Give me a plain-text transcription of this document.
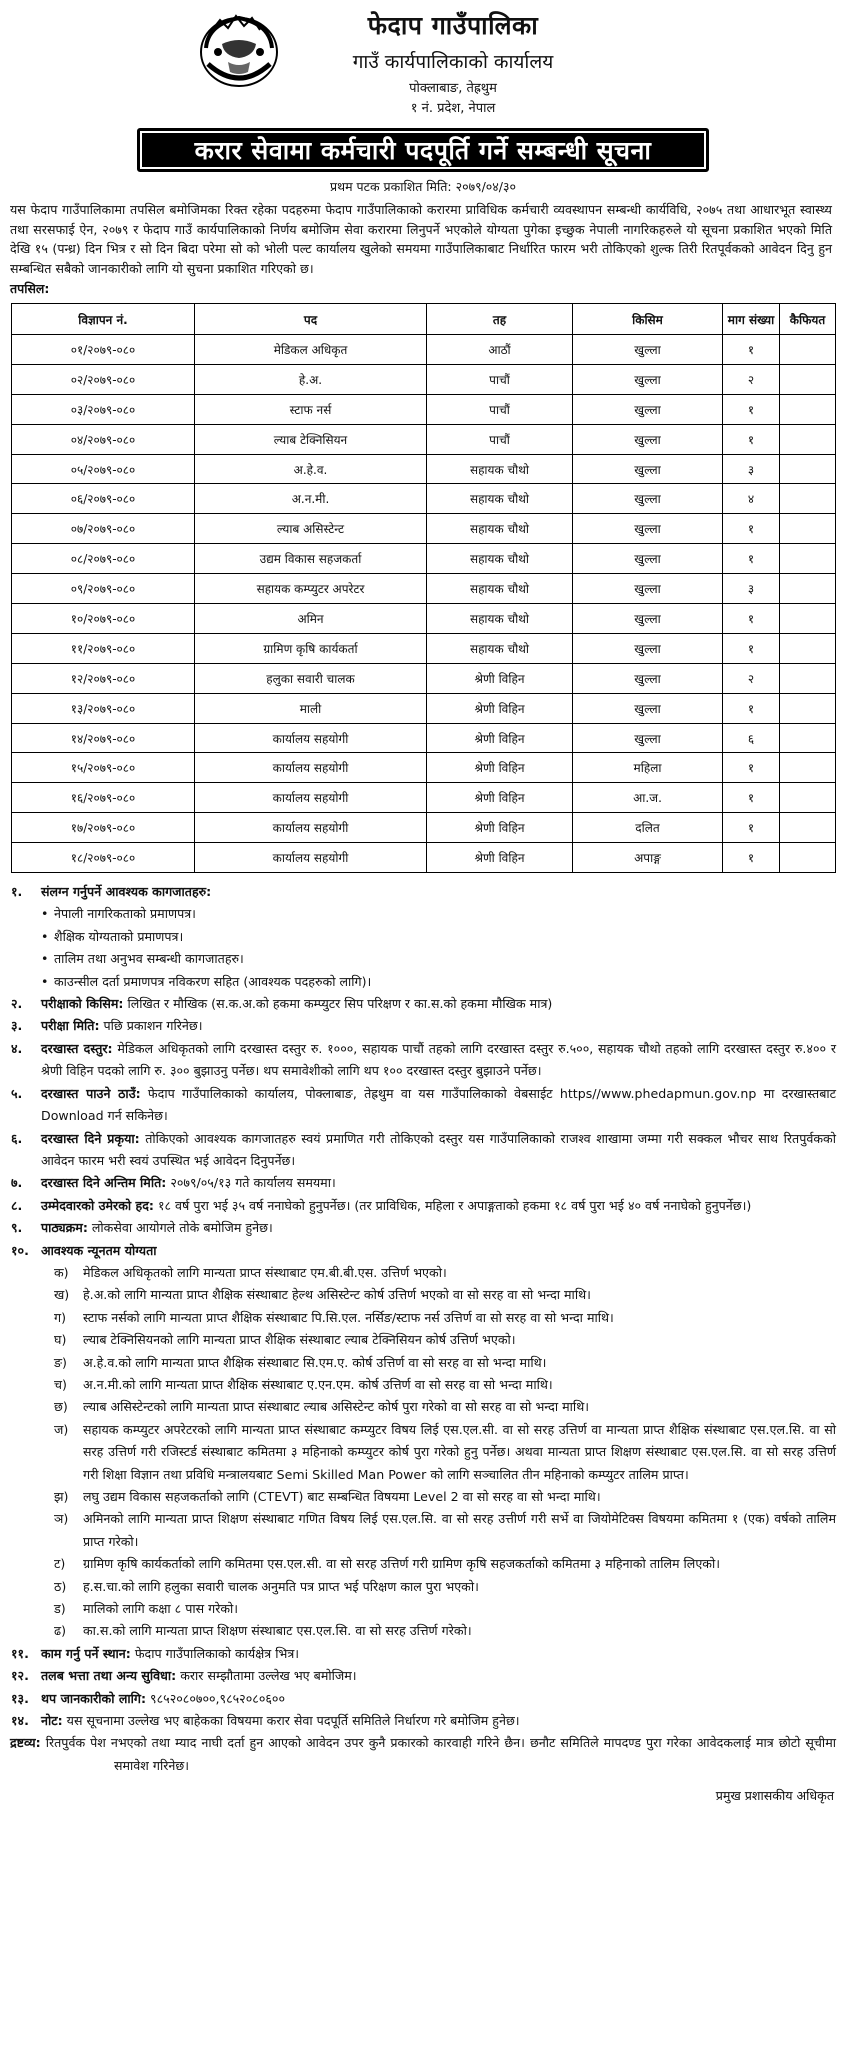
फेदाप गाउँपालिका
गाउँ कार्यपालिकाको कार्यालय
पोक्लाबाङ, तेह्रथुम
१ नं. प्रदेश, नेपाल
करार सेवामा कर्मचारी पदपूर्ति गर्ने सम्बन्धी सूचना
प्रथम पटक प्रकाशित मिति: २०७९/०४/३०

यस फेदाप गाउँपालिकामा तपसिल बमोजिमका रिक्त रहेका पदहरुमा फेदाप गाउँपालिकाको करारमा प्राविधिक कर्मचारी व्यवस्थापन सम्बन्धी कार्यविधि, २०७५ तथा आधारभूत स्वास्थ्य तथा सरसफाई ऐन, २०७९ र फेदाप गाउँ कार्यपालिकाको निर्णय बमोजिम सेवा करारमा लिनुपर्ने भएकोले योग्यता पुगेका इच्छुक नेपाली नागरिकहरुले यो सूचना प्रकाशित भएको मिति देखि १५ (पन्ध्र) दिन भित्र र सो दिन बिदा परेमा सो को भोली पल्ट कार्यालय खुलेको समयमा गाउँपालिकाबाट निर्धारित फारम भरी तोकिएको शुल्क तिरी रितपूर्वकको आवेदन दिनु हुन सम्बन्धित सबैको जानकारीको लागि यो सुचना प्रकाशित गरिएको छ।

तपसिल:
विज्ञापन नं.	पद	तह	किसिम	माग संख्या	कैफियत
०१/२०७९-०८०	मेडिकल अधिकृत	आठौं	खुल्ला	१	
०२/२०७९-०८०	हे.अ.	पाचौं	खुल्ला	२	
०३/२०७९-०८०	स्टाफ नर्स	पाचौं	खुल्ला	१	
०४/२०७९-०८०	ल्याब टेक्निसियन	पाचौं	खुल्ला	१	
०५/२०७९-०८०	अ.हे.व.	सहायक चौथो	खुल्ला	३	
०६/२०७९-०८०	अ.न.मी.	सहायक चौथो	खुल्ला	४	
०७/२०७९-०८०	ल्याब असिस्टेन्ट	सहायक चौथो	खुल्ला	१	
०८/२०७९-०८०	उद्यम विकास सहजकर्ता	सहायक चौथो	खुल्ला	१	
०९/२०७९-०८०	सहायक कम्प्युटर अपरेटर	सहायक चौथो	खुल्ला	३	
१०/२०७९-०८०	अमिन	सहायक चौथो	खुल्ला	१	
११/२०७९-०८०	ग्रामिण कृषि कार्यकर्ता	सहायक चौथो	खुल्ला	१	
१२/२०७९-०८०	हलुका सवारी चालक	श्रेणी विहिन	खुल्ला	२	
१३/२०७९-०८०	माली	श्रेणी विहिन	खुल्ला	१	
१४/२०७९-०८०	कार्यालय सहयोगी	श्रेणी विहिन	खुल्ला	६	
१५/२०७९-०८०	कार्यालय सहयोगी	श्रेणी विहिन	महिला	१	
१६/२०७९-०८०	कार्यालय सहयोगी	श्रेणी विहिन	आ.ज.	१	
१७/२०७९-०८०	कार्यालय सहयोगी	श्रेणी विहिन	दलित	१	
१८/२०७९-०८०	कार्यालय सहयोगी	श्रेणी विहिन	अपाङ्ग	१	
१. संलग्न गर्नुपर्ने आवश्यक कागजातहरु:
• नेपाली नागरिकताको प्रमाणपत्र।
• शैक्षिक योग्यताको प्रमाणपत्र।
• तालिम तथा अनुभव सम्बन्धी कागजातहरु।
• काउन्सील दर्ता प्रमाणपत्र नविकरण सहित (आवश्यक पदहरुको लागि)।
२. परीक्षाको किसिम: लिखित र मौखिक (स.क.अ.को हकमा कम्प्युटर सिप परिक्षण र का.स.को हकमा मौखिक मात्र)
३. परीक्षा मिति: पछि प्रकाशन गरिनेछ।
४. दरखास्त दस्तुर: मेडिकल अधिकृतको लागि दरखास्त दस्तुर रु. १०००, सहायक पाचौं तहको लागि दरखास्त दस्तुर रु.५००, सहायक चौथो तहको लागि दरखास्त दस्तुर रु.४०० र श्रेणी विहिन पदको लागि रु. ३०० बुझाउनु पर्नेछ। थप समावेशीको लागि थप १०० दरखास्त दस्तुर बुझाउने पर्नेछ।
५. दरखास्त पाउने ठाउँ: फेदाप गाउँपालिकाको कार्यालय, पोक्लाबाङ, तेह्रथुम वा यस गाउँपालिकाको वेबसाईट https//www.phedapmun.gov.np मा दरखास्तबाट Download गर्न सकिनेछ।
६. दरखास्त दिने प्रकृया: तोकिएको आवश्यक कागजातहरु स्वयं प्रमाणित गरी तोकिएको दस्तुर यस गाउँपालिकाको राजश्व शाखामा जम्मा गरी सक्कल भौचर साथ रितपुर्वकको आवेदन फारम भरी स्वयं उपस्थित भई आवेदन दिनुपर्नेछ।
७. दरखास्त दिने अन्तिम मिति: २०७९/०५/१३ गते कार्यालय समयमा।
८. उम्मेदवारको उमेरको हद: १८ वर्ष पुरा भई ३५ वर्ष ननाघेको हुनुपर्नेछ। (तर प्राविधिक, महिला र अपाङ्गताको हकमा १८ वर्ष पुरा भई ४० वर्ष ननाघेको हुनुपर्नेछ।)
९. पाठ्यक्रम: लोकसेवा आयोगले तोके बमोजिम हुनेछ।
१०. आवश्यक न्यूनतम योग्यता
क) मेडिकल अधिकृतको लागि मान्यता प्राप्त संस्थाबाट एम.बी.बी.एस. उत्तिर्ण भएको।
ख) हे.अ.को लागि मान्यता प्राप्त शैक्षिक संस्थाबाट हेल्थ असिस्टेन्ट कोर्ष उत्तिर्ण भएको वा सो सरह वा सो भन्दा माथि।
ग) स्टाफ नर्सको लागि मान्यता प्राप्त शैक्षिक संस्थाबाट पि.सि.एल. नर्सिङ/स्टाफ नर्स उत्तिर्ण वा सो सरह वा सो भन्दा माथि।
घ) ल्याब टेक्निसियनको लागि मान्यता प्राप्त शैक्षिक संस्थाबाट ल्याब टेक्निसियन कोर्ष उत्तिर्ण भएको।
ङ) अ.हे.व.को लागि मान्यता प्राप्त शैक्षिक संस्थाबाट सि.एम.ए. कोर्ष उत्तिर्ण वा सो सरह वा सो भन्दा माथि।
च) अ.न.मी.को लागि मान्यता प्राप्त शैक्षिक संस्थाबाट ए.एन.एम. कोर्ष उत्तिर्ण वा सो सरह वा सो भन्दा माथि।
छ) ल्याब असिस्टेन्टको लागि मान्यता प्राप्त संस्थाबाट ल्याब असिस्टेन्ट कोर्ष पुरा गरेको वा सो सरह वा सो भन्दा माथि।
ज) सहायक कम्प्युटर अपरेटरको लागि मान्यता प्राप्त संस्थाबाट कम्प्युटर विषय लिई एस.एल.सी. वा सो सरह उत्तिर्ण वा मान्यता प्राप्त शैक्षिक संस्थाबाट एस.एल.सि. वा सो सरह उत्तिर्ण गरी रजिस्टर्ड संस्थाबाट कमितमा ३ महिनाको कम्प्युटर कोर्ष पुरा गरेको हुनु पर्नेछ। अथवा मान्यता प्राप्त शिक्षण संस्थाबाट एस.एल.सि. वा सो सरह उत्तिर्ण गरी शिक्षा विज्ञान तथा प्रविधि मन्त्रालयबाट Semi Skilled Man Power को लागि सञ्चालित तीन महिनाको कम्प्युटर तालिम प्राप्त।
झ) लघु उद्यम विकास सहजकर्ताको लागि (CTEVT) बाट सम्बन्धित विषयमा Level 2 वा सो सरह वा सो भन्दा माथि।
ञ) अमिनको लागि मान्यता प्राप्त शिक्षण संस्थाबाट गणित विषय लिई एस.एल.सि. वा सो सरह उत्तीर्ण गरी सर्भे वा जियोमेटिक्स विषयमा कमितमा १ (एक) वर्षको तालिम प्राप्त गरेको।
ट) ग्रामिण कृषि कार्यकर्ताको लागि कमितमा एस.एल.सी. वा सो सरह उत्तिर्ण गरी ग्रामिण कृषि सहजकर्ताको कमितमा ३ महिनाको तालिम लिएको।
ठ) ह.स.चा.को लागि हलुका सवारी चालक अनुमति पत्र प्राप्त भई परिक्षण काल पुरा भएको।
ड) मालिको लागि कक्षा ८ पास गरेको।
ढ) का.स.को लागि मान्यता प्राप्त शिक्षण संस्थाबाट एस.एल.सि. वा सो सरह उत्तिर्ण गरेको।
११. काम गर्नु पर्ने स्थान: फेदाप गाउँपालिकाको कार्यक्षेत्र भित्र।
१२. तलब भत्ता तथा अन्य सुविधा: करार सम्झौतामा उल्लेख भए बमोजिम।
१३. थप जानकारीको लागि: ९८५२०८०७००,९८५२०८०६००
१४. नोट: यस सूचनामा उल्लेख भए बाहेकका विषयमा करार सेवा पदपूर्ति समितिले निर्धारण गरे बमोजिम हुनेछ।
द्रष्टव्य: रितपुर्वक पेश नभएको तथा म्याद नाघी दर्ता हुन आएको आवेदन उपर कुनै प्रकारको कारवाही गरिने छैन। छनौट समितिले मापदण्ड पुरा गरेका आवेदकलाई मात्र छोटो सूचीमा समावेश गरिनेछ।
प्रमुख प्रशासकीय अधिकृत
